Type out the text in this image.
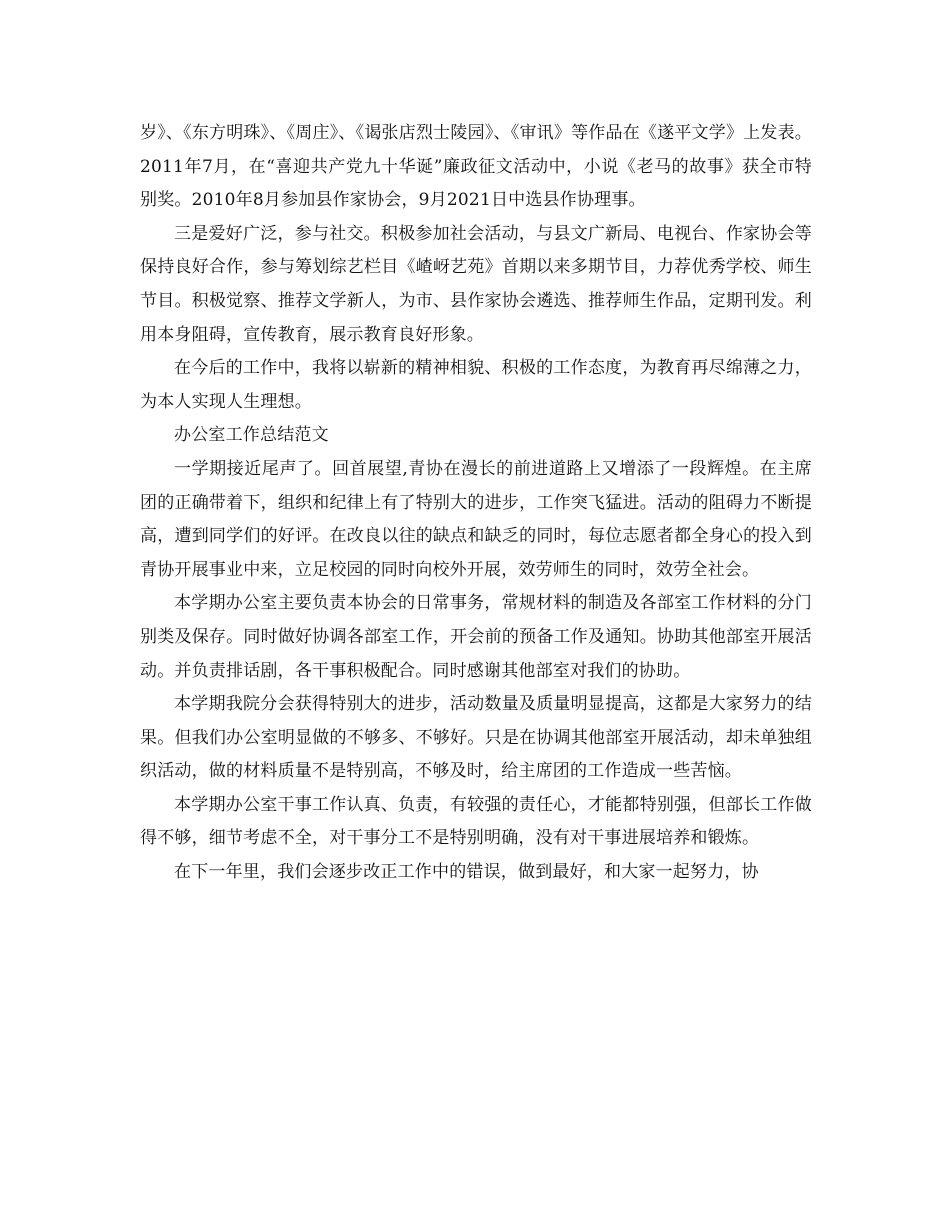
岁》、《东方明珠》、《周庄》、《谒张店烈士陵园》、《审讯》等作品在《遂平文学》上发表。2011年7月，在“喜迎共产党九十华诞”廉政征文活动中，小说《老马的故事》获全市特别奖。2010年8月参加县作家协会，9月2021日中选县作协理事。

三是爱好广泛，参与社交。积极参加社会活动，与县文广新局、电视台、作家协会等保持良好合作，参与筹划综艺栏目《嵖岈艺苑》首期以来多期节目，力荐优秀学校、师生节目。积极觉察、推荐文学新人，为市、县作家协会遴选、推荐师生作品，定期刊发。利用本身阻碍，宣传教育，展示教育良好形象。

在今后的工作中，我将以崭新的精神相貌、积极的工作态度，为教育再尽绵薄之力，为本人实现人生理想。

办公室工作总结范文

一学期接近尾声了。回首展望,青协在漫长的前进道路上又增添了一段辉煌。在主席团的正确带着下，组织和纪律上有了特别大的进步，工作突飞猛进。活动的阻碍力不断提高，遭到同学们的好评。在改良以往的缺点和缺乏的同时，每位志愿者都全身心的投入到青协开展事业中来，立足校园的同时向校外开展，效劳师生的同时，效劳全社会。

本学期办公室主要负责本协会的日常事务，常规材料的制造及各部室工作材料的分门别类及保存。同时做好协调各部室工作，开会前的预备工作及通知。协助其他部室开展活动。并负责排话剧，各干事积极配合。同时感谢其他部室对我们的协助。

本学期我院分会获得特别大的进步，活动数量及质量明显提高，这都是大家努力的结果。但我们办公室明显做的不够多、不够好。只是在协调其他部室开展活动，却未单独组织活动，做的材料质量不是特别高，不够及时，给主席团的工作造成一些苦恼。

本学期办公室干事工作认真、负责，有较强的责任心，才能都特别强，但部长工作做得不够，细节考虑不全，对干事分工不是特别明确，没有对干事进展培养和锻炼。

在下一年里，我们会逐步改正工作中的错误，做到最好，和大家一起努力，协
